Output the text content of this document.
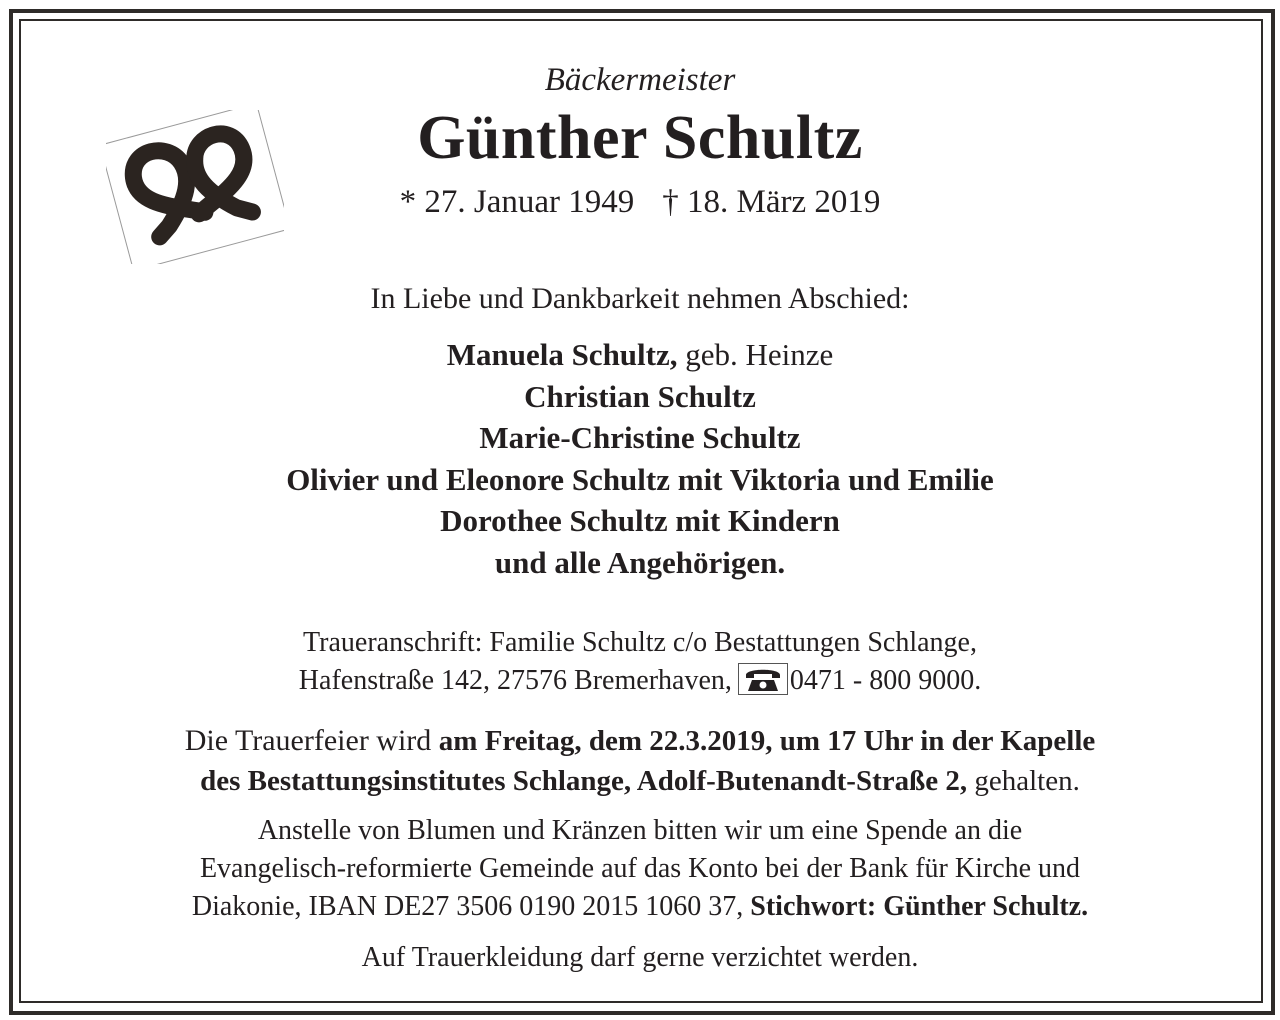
Bäckermeister
Günther Schultz
* 27. Januar 1949 † 18. März 2019
In Liebe und Dankbarkeit nehmen Abschied:
Manuela Schultz, geb. Heinze
Christian Schultz
Marie-Christine Schultz
Olivier und Eleonore Schultz mit Viktoria und Emilie
Dorothee Schultz mit Kindern
und alle Angehörigen.
Traueranschrift: Familie Schultz c/o Bestattungen Schlange,
Hafenstraße 142, 27576 Bremerhaven, 0471 - 800 9000.
Die Trauerfeier wird am Freitag, dem 22.3.2019, um 17 Uhr in der Kapelle
des Bestattungsinstitutes Schlange, Adolf-Butenandt-Straße 2, gehalten.
Anstelle von Blumen und Kränzen bitten wir um eine Spende an die
Evangelisch-reformierte Gemeinde auf das Konto bei der Bank für Kirche und
Diakonie, IBAN DE27 3506 0190 2015 1060 37, Stichwort: Günther Schultz.
Auf Trauerkleidung darf gerne verzichtet werden.
